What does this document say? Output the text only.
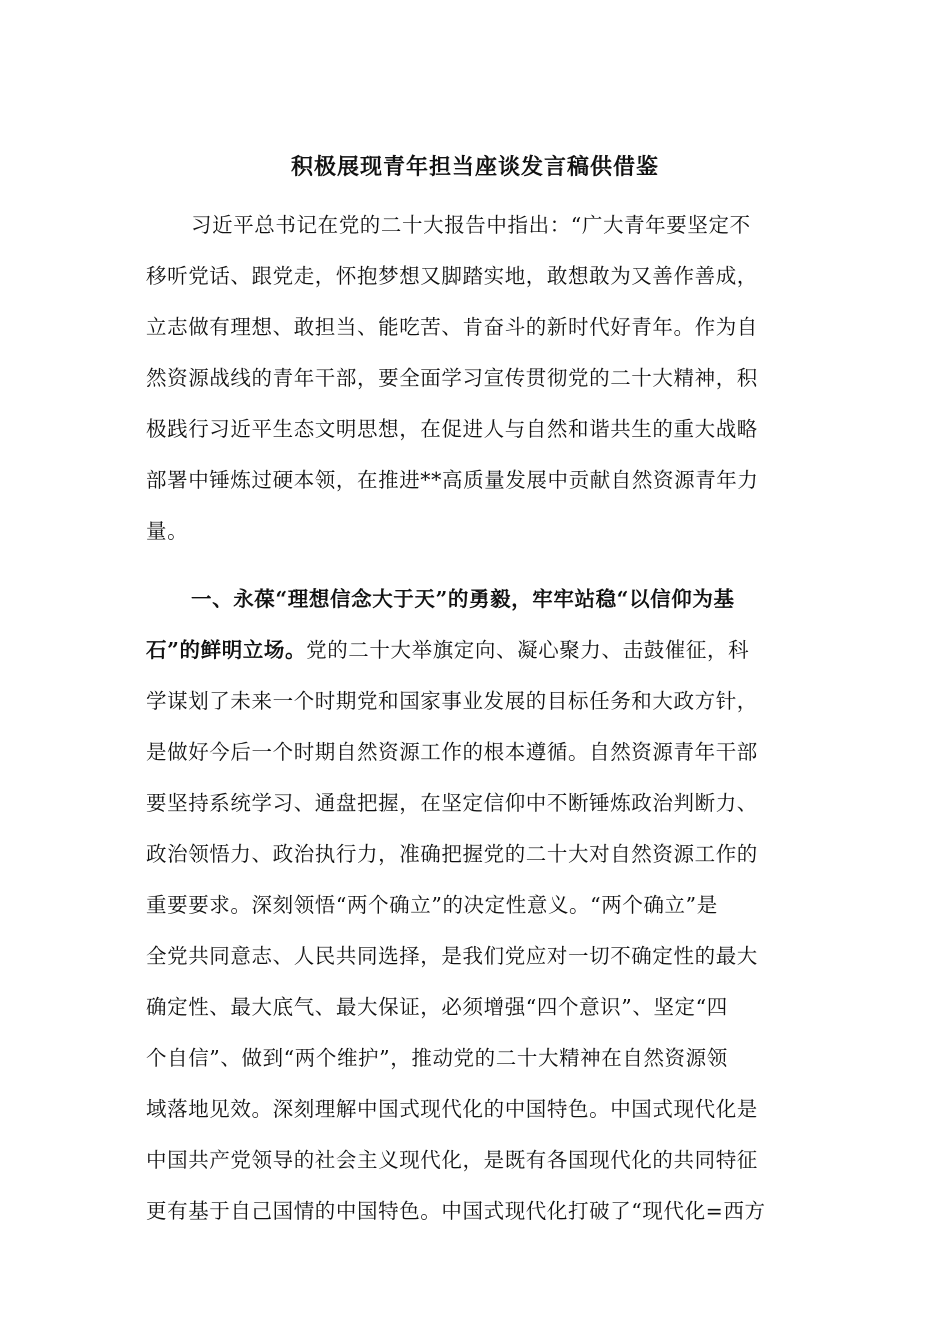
积极展现青年担当座谈发言稿供借鉴
习近平总书记在党的二十大报告中指出：“广大青年要坚定不
移听党话、跟党走，怀抱梦想又脚踏实地，敢想敢为又善作善成，
立志做有理想、敢担当、能吃苦、肯奋斗的新时代好青年。作为自
然资源战线的青年干部，要全面学习宣传贯彻党的二十大精神，积
极践行习近平生态文明思想，在促进人与自然和谐共生的重大战略
部署中锤炼过硬本领，在推进**高质量发展中贡献自然资源青年力
量。
一、永葆“理想信念大于天”的勇毅，牢牢站稳“以信仰为基
石”的鲜明立场。党的二十大举旗定向、凝心聚力、击鼓催征，科
学谋划了未来一个时期党和国家事业发展的目标任务和大政方针，
是做好今后一个时期自然资源工作的根本遵循。自然资源青年干部
要坚持系统学习、通盘把握，在坚定信仰中不断锤炼政治判断力、
政治领悟力、政治执行力，准确把握党的二十大对自然资源工作的
重要要求。深刻领悟“两个确立”的决定性意义。“两个确立”是
全党共同意志、人民共同选择，是我们党应对一切不确定性的最大
确定性、最大底气、最大保证，必须增强“四个意识”、坚定“四
个自信”、做到“两个维护”，推动党的二十大精神在自然资源领
域落地见效。深刻理解中国式现代化的中国特色。中国式现代化是
中国共产党领导的社会主义现代化，是既有各国现代化的共同特征
更有基于自己国情的中国特色。中国式现代化打破了“现代化=西方
